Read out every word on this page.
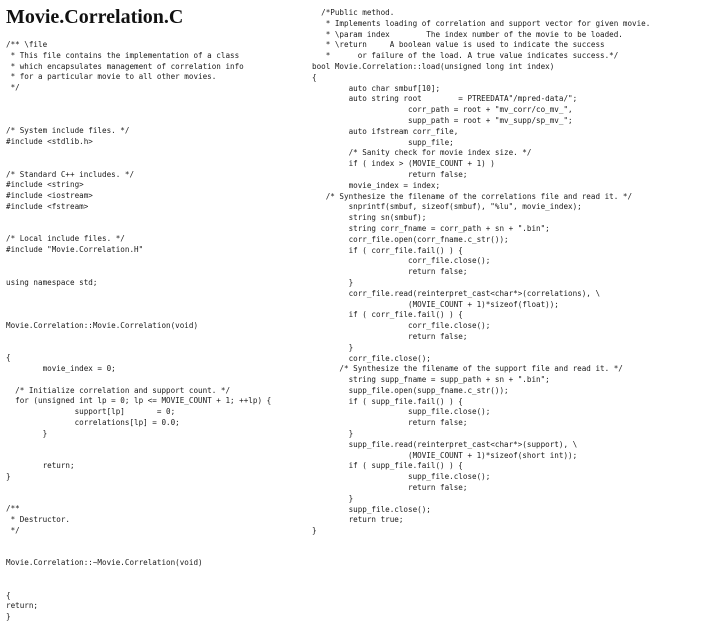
Movie.Correlation.C
/** \file
* This file contains the implementation of a class
* which encapsulates management of correlation info
* for a particular movie to all other movies.
*/

/* System include files. */
#include <stdlib.h>

/* Standard C++ includes. */
#include <string>
#include <iostream>
#include <fstream>

/* Local include files. */
#include "Movie.Correlation.H"

using namespace std;

Movie.Correlation::Movie.Correlation(void)

{
movie_index = 0;

/* Initialize correlation and support count. */
for (unsigned int lp = 0; lp <= MOVIE_COUNT + 1; ++lp) {
support[lp]       = 0;
correlations[lp] = 0.0;
}

return;
}

/**
* Destructor.
*/

Movie.Correlation::~Movie.Correlation(void)

{
return;
}
/*Public method.
* Implements loading of correlation and support vector for given movie.
* \param index        The index number of the movie to be loaded.
* \return     A boolean value is used to indicate the success
*      or failure of the load. A true value indicates success.*/
bool Movie.Correlation::load(unsigned long int index)
{
auto char smbuf[10];
auto string root        = PTREEDATA"/mpred-data/";
corr_path = root + "mv_corr/co_mv_",
supp_path = root + "mv_supp/sp_mv_";
auto ifstream corr_file,
supp_file;
/* Sanity check for movie index size. */
if ( index > (MOVIE_COUNT + 1) )
return false;
movie_index = index;
/* Synthesize the filename of the correlations file and read it. */
snprintf(smbuf, sizeof(smbuf), "%lu", movie_index);
string sn(smbuf);
string corr_fname = corr_path + sn + ".bin";
corr_file.open(corr_fname.c_str());
if ( corr_file.fail() ) {
corr_file.close();
return false;
}
corr_file.read(reinterpret_cast<char*>(correlations), \
(MOVIE_COUNT + 1)*sizeof(float));
if ( corr_file.fail() ) {
corr_file.close();
return false;
}
corr_file.close();
/* Synthesize the filename of the support file and read it. */
string supp_fname = supp_path + sn + ".bin";
supp_file.open(supp_fname.c_str());
if ( supp_file.fail() ) {
supp_file.close();
return false;
}
supp_file.read(reinterpret_cast<char*>(support), \
(MOVIE_COUNT + 1)*sizeof(short int));
if ( supp_file.fail() ) {
supp_file.close();
return false;
}
supp_file.close();
return true;
}
